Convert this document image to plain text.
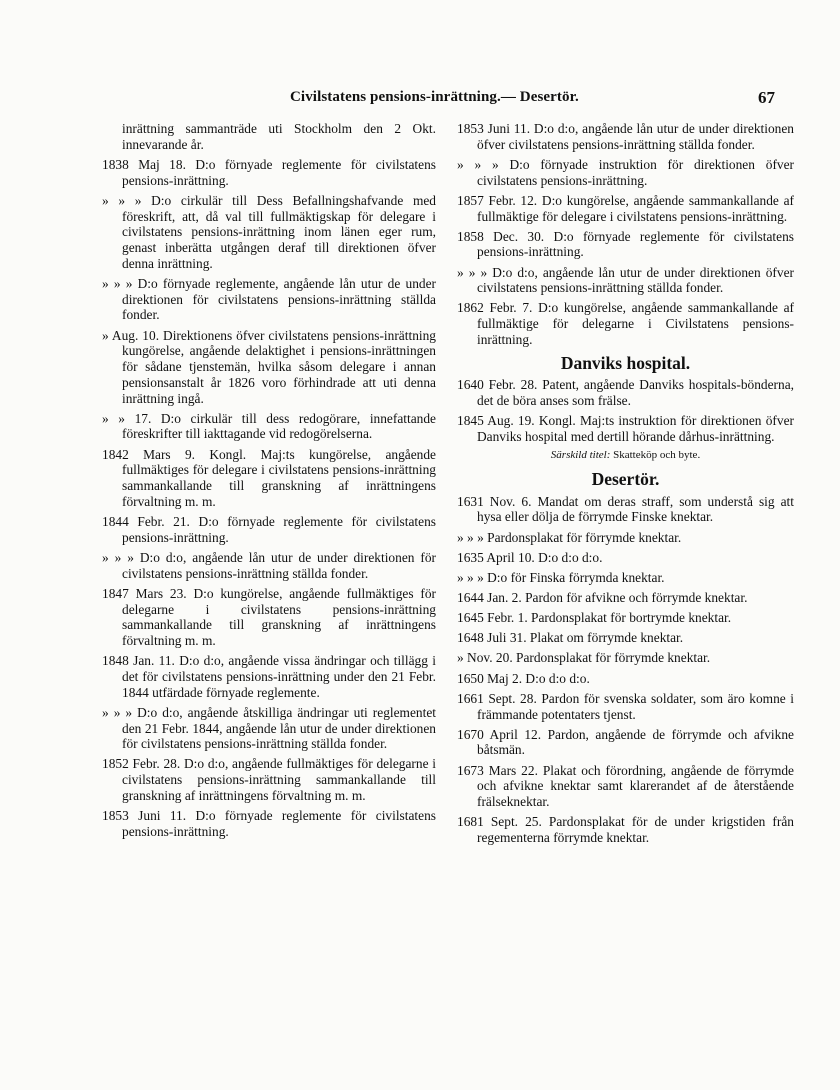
Civilstatens pensions-inrättning.— Desertör.	67

inrättning sammanträde uti Stockholm den 2 Okt. innevarande år.

1838 Maj 18. D:o förnyade reglemente för civilstatens pensions-inrättning.

» » » D:o cirkulär till Dess Befallningshafvande med föreskrift, att, då val till fullmäktigskap för delegare i civilstatens pensions-inrättning inom länen eger rum, genast inberätta utgången deraf till direktionen öfver denna inrättning.

» » » D:o förnyade reglemente, angående lån utur de under direktionen för civilstatens pensions-inrättning ställda fonder.

» Aug. 10. Direktionens öfver civilstatens pensions-inrättning kungörelse, angående delaktighet i pensions-inrättningen för sådane tjenstemän, hvilka såsom delegare i annan pensionsanstalt år 1826 voro förhindrade att uti denna inrättning ingå.

» » 17. D:o cirkulär till dess redogörare, innefattande föreskrifter till iakttagande vid redogörelserna.

1842 Mars 9. Kongl. Maj:ts kungörelse, angående fullmäktiges för delegare i civilstatens pensions-inrättning sammankallande till granskning af inrättningens förvaltning m. m.

1844 Febr. 21. D:o förnyade reglemente för civilstatens pensions-inrättning.

» » » D:o d:o, angående lån utur de under direktionen för civilstatens pensions-inrättning ställda fonder.

1847 Mars 23. D:o kungörelse, angående fullmäktiges för delegarne i civilstatens pensions-inrättning sammankallande till granskning af inrättningens förvaltning m. m.

1848 Jan. 11. D:o d:o, angående vissa ändringar och tillägg i det för civilstatens pensions-inrättning under den 21 Febr. 1844 utfärdade förnyade reglemente.

» » » D:o d:o, angående åtskilliga ändringar uti reglementet den 21 Febr. 1844, angående lån utur de under direktionen för civilstatens pensions-inrättning ställda fonder.

1852 Febr. 28. D:o d:o, angående fullmäktiges för delegarne i civilstatens pensions-inrättning sammankallande till granskning af inrättningens förvaltning m. m.

1853 Juni 11. D:o förnyade reglemente för civilstatens pensions-inrättning.

1853 Juni 11. D:o d:o, angående lån utur de under direktionen öfver civilstatens pensions-inrättning ställda fonder.

» » » D:o förnyade instruktion för direktionen öfver civilstatens pensions-inrättning.

1857 Febr. 12. D:o kungörelse, angående sammankallande af fullmäktige för delegare i civilstatens pensions-inrättning.

1858 Dec. 30. D:o förnyade reglemente för civilstatens pensions-inrättning.

» » » D:o d:o, angående lån utur de under direktionen öfver civilstatens pensions-inrättning ställda fonder.

1862 Febr. 7. D:o kungörelse, angående sammankallande af fullmäktige för delegarne i Civilstatens pensions-inrättning.

Danviks hospital.

1640 Febr. 28. Patent, angående Danviks hospitals-bönderna, det de böra anses som frälse.

1845 Aug. 19. Kongl. Maj:ts instruktion för direktionen öfver Danviks hospital med dertill hörande dårhus-inrättning.

Särskild titel: Skatteköp och byte.

Desertör.

1631 Nov. 6. Mandat om deras straff, som understå sig att hysa eller dölja de förrymde Finske knektar.

» » » Pardonsplakat för förrymde knektar.

1635 April 10. D:o d:o d:o.

» » » D:o för Finska förrymda knektar.

1644 Jan. 2. Pardon för afvikne och förrymde knektar.

1645 Febr. 1. Pardonsplakat för bortrymde knektar.

1648 Juli 31. Plakat om förrymde knektar.

» Nov. 20. Pardonsplakat för förrymde knektar.

1650 Maj 2. D:o d:o d:o.

1661 Sept. 28. Pardon för svenska soldater, som äro komne i främmande potentaters tjenst.

1670 April 12. Pardon, angående de förrymde och afvikne båtsmän.

1673 Mars 22. Plakat och förordning, angående de förrymde och afvikne knektar samt klarerandet af de återstående frälseknektar.

1681 Sept. 25. Pardonsplakat för de under krigstiden från regementerna förrymde knektar.
